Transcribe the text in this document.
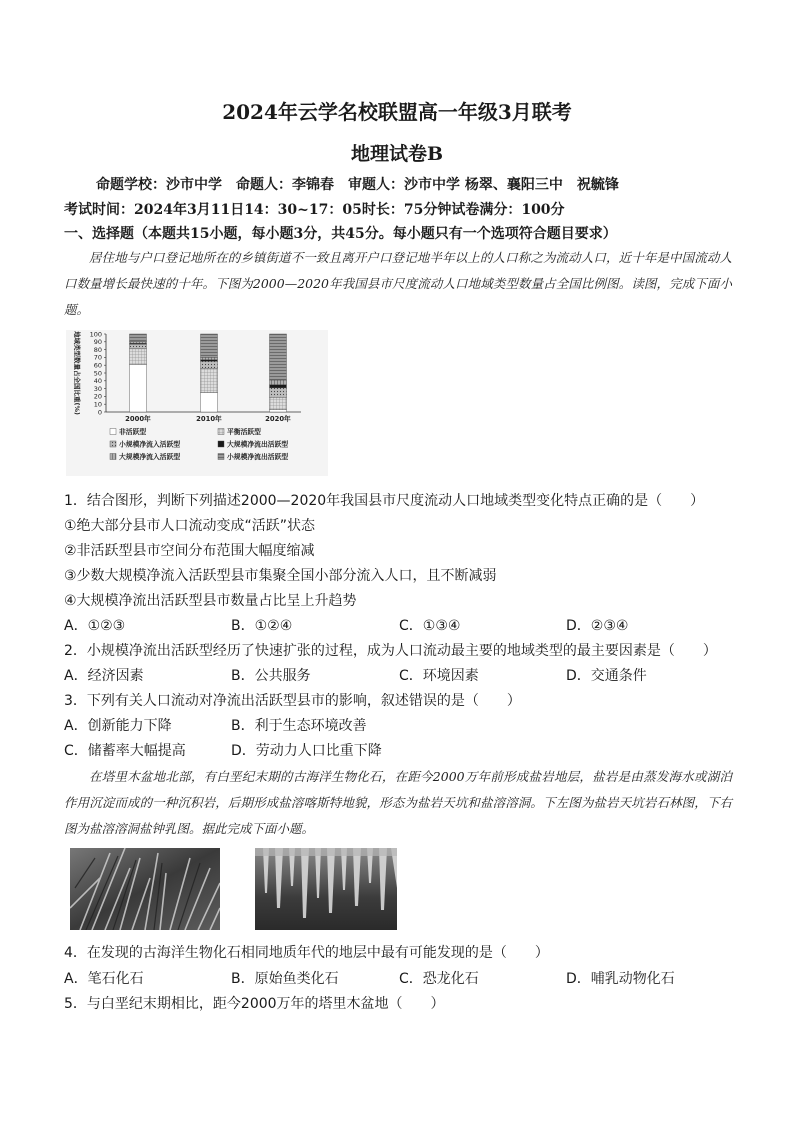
2024年云学名校联盟高一年级3月联考
地理试卷B
命题学校：沙市中学　命题人：李锦春　审题人：沙市中学 杨翠、襄阳三中　祝毓锋
考试时间：2024年3月11日14：30~17：05时长：75分钟试卷满分：100分
一、选择题（本题共15小题，每小题3分，共45分。每小题只有一个选项符合题目要求）
居住地与户口登记地所在的乡镇街道不一致且离开户口登记地半年以上的人口称之为流动人口，近十年是中国流动人口数量增长最快速的十年。下图为2000—2020年我国县市尺度流动人口地域类型数量占全国比例图。读图，完成下面小题。
地域类型数量占全国比重(%)	0
10
20
30
40
50
60
70
80
90
100
2000年	2010年	2020年
非活跃型	平衡活跃型
小规模净流入活跃型	大规模净流出活跃型
大规模净流入活跃型	小规模净流出活跃型
1．结合图形，判断下列描述2000—2020年我国县市尺度流动人口地域类型变化特点正确的是（　　）
①绝大部分县市人口流动变成“活跃”状态
②非活跃型县市空间分布范围大幅度缩减
③少数大规模净流入活跃型县市集聚全国小部分流入人口，且不断减弱
④大规模净流出活跃型县市数量占比呈上升趋势
A．①②③	B．①②④	C．①③④	D．②③④
2．小规模净流出活跃型经历了快速扩张的过程，成为人口流动最主要的地域类型的最主要因素是（　　）
A．经济因素	B．公共服务	C．环境因素	D．交通条件
3．下列有关人口流动对净流出活跃型县市的影响，叙述错误的是（　　）
A．创新能力下降	B．利于生态环境改善
C．储蓄率大幅提高	D．劳动力人口比重下降
在塔里木盆地北部，有白垩纪末期的古海洋生物化石，在距今2000万年前形成盐岩地层，盐岩是由蒸发海水或湖泊作用沉淀而成的一种沉积岩，后期形成盐溶喀斯特地貌，形态为盐岩天坑和盐溶溶洞。下左图为盐岩天坑岩石林图，下右图为盐溶溶洞盐钟乳图。据此完成下面小题。
4．在发现的古海洋生物化石相同地质年代的地层中最有可能发现的是（　　）
A．笔石化石	B．原始鱼类化石	C．恐龙化石	D．哺乳动物化石
5．与白垩纪末期相比，距今2000万年的塔里木盆地（　　）
